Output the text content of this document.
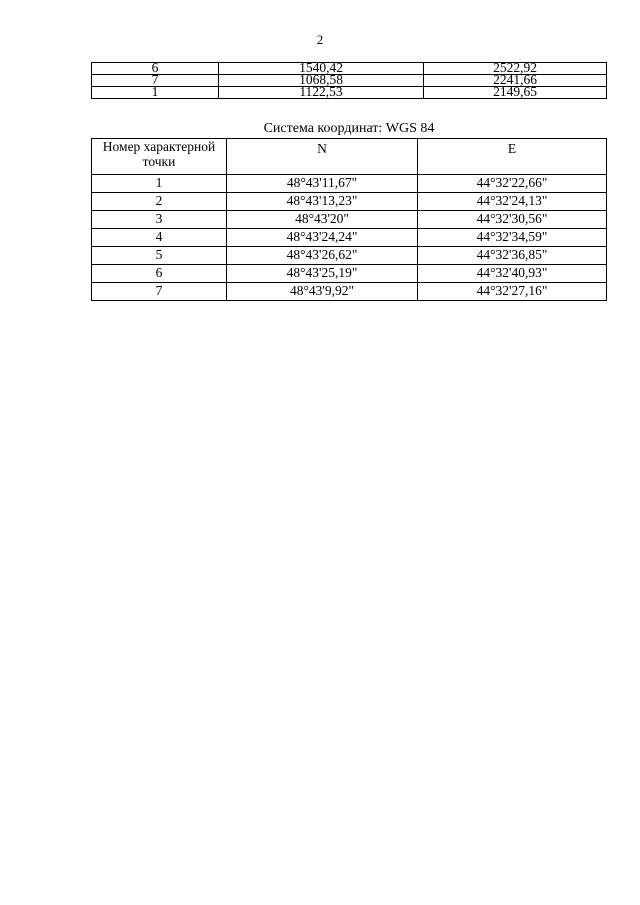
2
6	1540,42	2522,92
7	1068,58	2241,66
1	1122,53	2149,65
Система координат: WGS 84
Номер характерной точки	N	E
1	48°43'11,67"	44°32'22,66"
2	48°43'13,23"	44°32'24,13"
3	48°43'20"	44°32'30,56"
4	48°43'24,24"	44°32'34,59"
5	48°43'26,62"	44°32'36,85"
6	48°43'25,19"	44°32'40,93"
7	48°43'9,92"	44°32'27,16"
